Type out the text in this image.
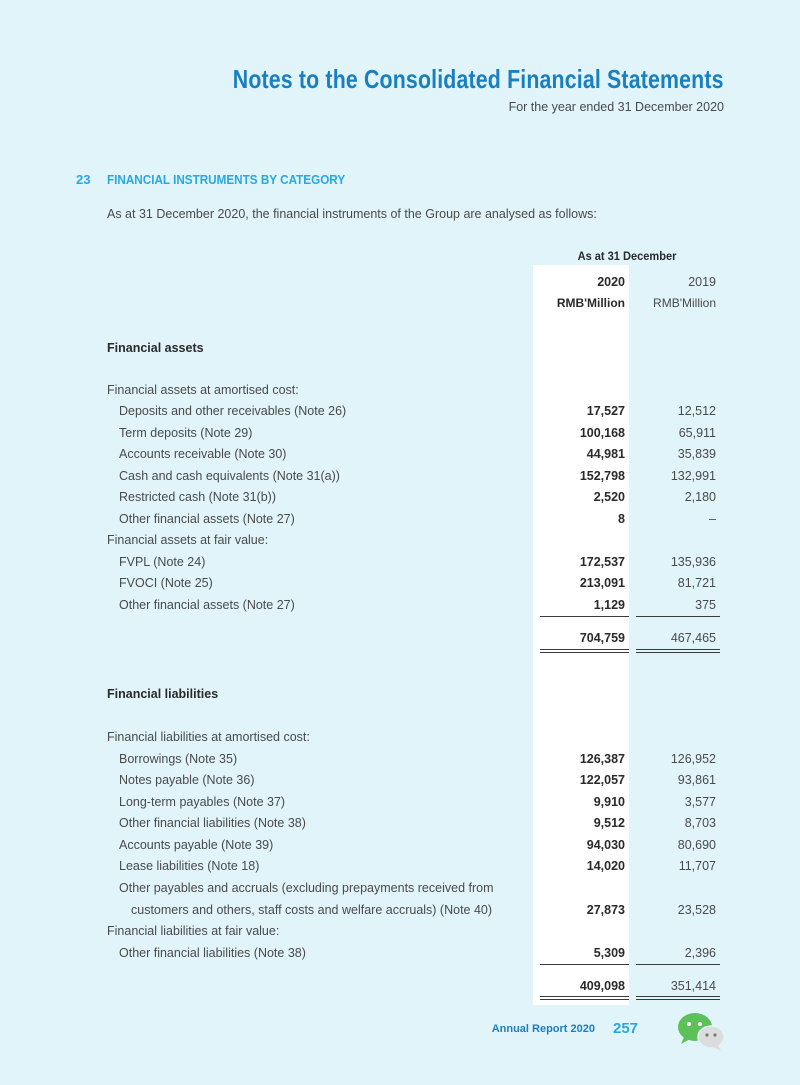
Notes to the Consolidated Financial Statements
For the year ended 31 December 2020
23 FINANCIAL INSTRUMENTS BY CATEGORY
As at 31 December 2020, the financial instruments of the Group are analysed as follows:
As at 31 December
2020	2019
RMB'Million RMB'Million
Financial assets
Financial assets at amortised cost:
Deposits and other receivables (Note 26)	17,527	12,512
Term deposits (Note 29)	100,168	65,911
Accounts receivable (Note 30)	44,981	35,839
Cash and cash equivalents (Note 31(a))	152,798	132,991
Restricted cash (Note 31(b))	2,520	2,180
Other financial assets (Note 27)	8	–
Financial assets at fair value:
FVPL (Note 24)	172,537	135,936
FVOCI (Note 25)	213,091	81,721
Other financial assets (Note 27)	1,129	375
704,759	467,465
Financial liabilities
Financial liabilities at amortised cost:
Borrowings (Note 35)	126,387	126,952
Notes payable (Note 36)	122,057	93,861
Long-term payables (Note 37)	9,910	3,577
Other financial liabilities (Note 38)	9,512	8,703
Accounts payable (Note 39)	94,030	80,690
Lease liabilities (Note 18)	14,020	11,707
Other payables and accruals (excluding prepayments received from
customers and others, staff costs and welfare accruals) (Note 40)	27,873	23,528
Financial liabilities at fair value:
Other financial liabilities (Note 38)	5,309	2,396
409,098	351,414
Annual Report 2020 257
